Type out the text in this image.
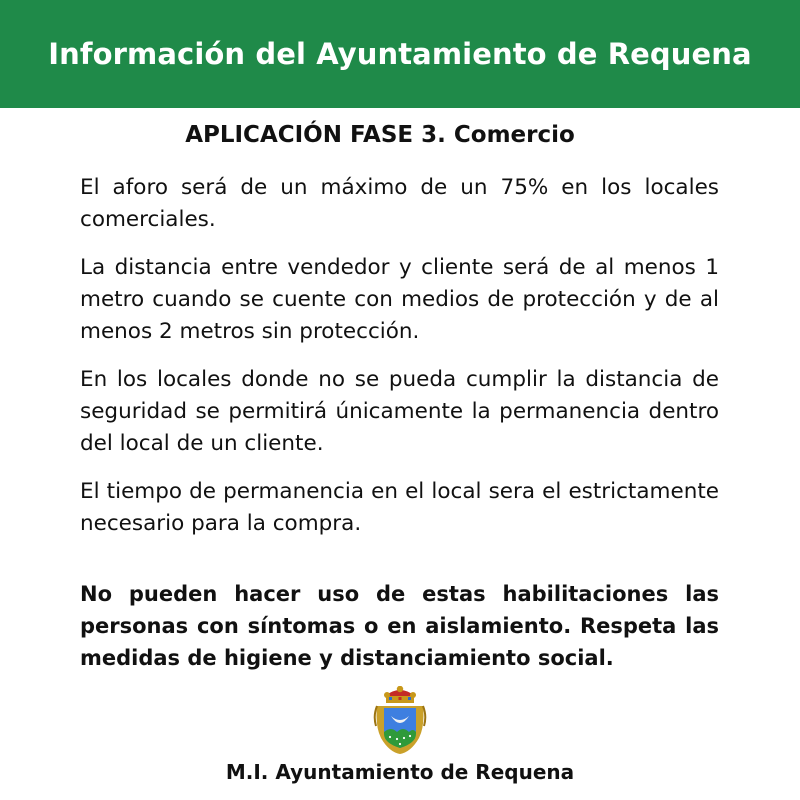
Información del Ayuntamiento de Requena
APLICACIÓN FASE 3. Comercio

El aforo será de un máximo de un 75% en los locales comerciales.

La distancia entre vendedor y cliente será de al menos 1 metro cuando se cuente con medios de protección y de al menos 2 metros sin protección.

En los locales donde no se pueda cumplir la distancia de seguridad se permitirá únicamente la permanencia dentro del local de un cliente.

El tiempo de permanencia en el local sera el estrictamente necesario para la compra.

No pueden hacer uso de estas habilitaciones las personas con síntomas o en aislamiento. Respeta las medidas de higiene y distanciamiento social.

M.I. Ayuntamiento de Requena
